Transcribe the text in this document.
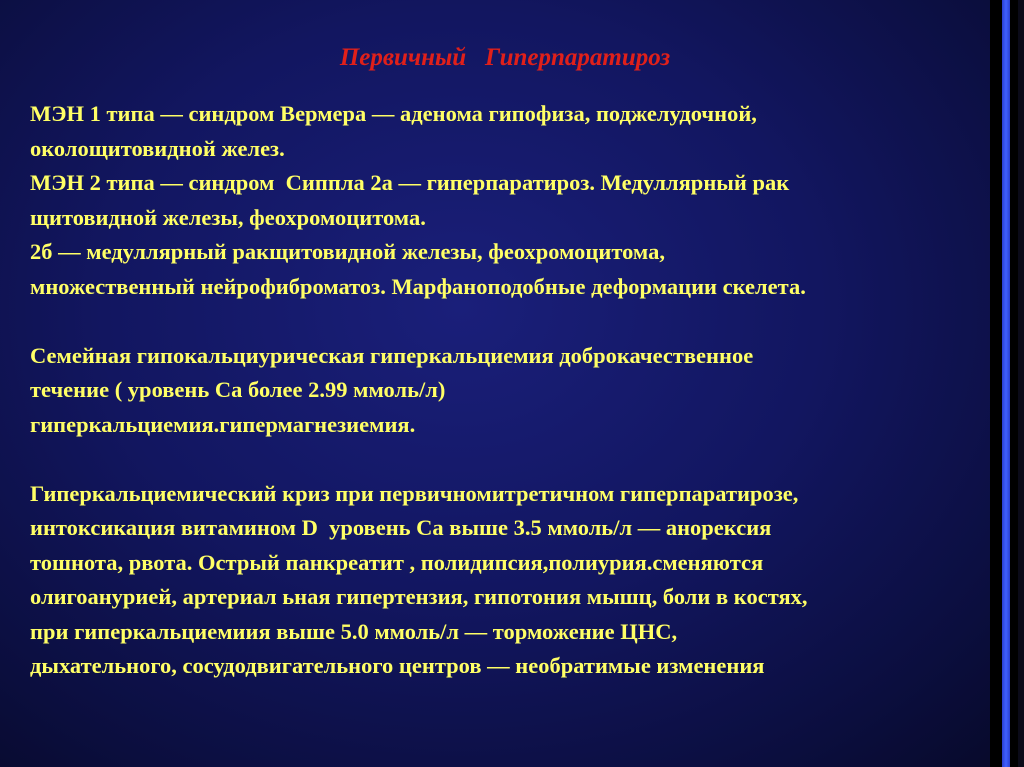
Первичный   Гиперпаратироз
МЭН 1 типа — синдром Вермера — аденома гипофиза, поджелудочной,
околощитовидной желез.
МЭН 2 типа — синдром  Сиппла 2а — гиперпаратироз. Медуллярный рак
щитовидной железы, феохромоцитома.
2б — медуллярный ракщитовидной железы, феохромоцитома,
множественный нейрофиброматоз. Марфаноподобные деформации скелета.
Семейная гипокальциурическая гиперкальциемия доброкачественное
течение ( уровень Са более 2.99 ммоль/л)
гиперкальциемия.гипермагнезиемия.
Гиперкальциемический криз при первичномитретичном гиперпаратирозе,
интоксикация витамином D  уровень Са выше 3.5 ммоль/л — анорексия
тошнота, рвота. Острый панкреатит , полидипсия,полиурия.сменяются
олигоанурией, артериал ьная гипертензия, гипотония мышц, боли в костях,
при гиперкальциемиия выше 5.0 ммоль/л — торможение ЦНС,
дыхательного, сосудодвигательного центров — необратимые изменения
